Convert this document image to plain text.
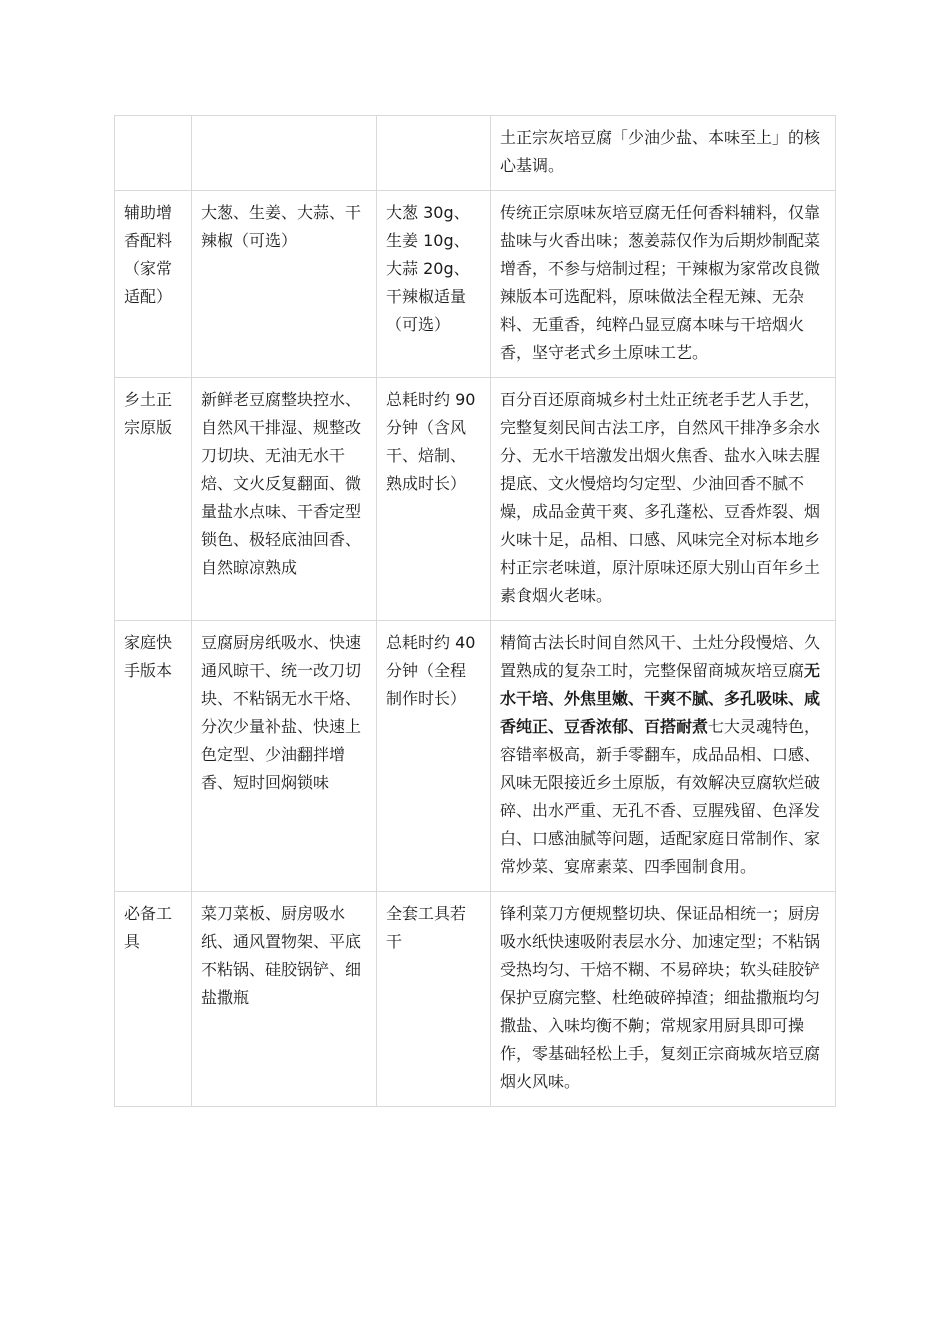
			土正宗灰培豆腐「少油少盐、本味至上」的核心基调。
辅助增香配料（家常适配）	大葱、生姜、大蒜、干辣椒（可选）	大葱 30g、生姜 10g、大蒜 20g、干辣椒适量（可选）	传统正宗原味灰培豆腐无任何香料辅料，仅靠盐味与火香出味；葱姜蒜仅作为后期炒制配菜增香，不参与焙制过程；干辣椒为家常改良微辣版本可选配料，原味做法全程无辣、无杂料、无重香，纯粹凸显豆腐本味与干培烟火香，坚守老式乡土原味工艺。
乡土正宗原版	新鲜老豆腐整块控水、自然风干排湿、规整改刀切块、无油无水干焙、文火反复翻面、微量盐水点味、干香定型锁色、极轻底油回香、自然晾凉熟成	总耗时约 90 分钟（含风干、焙制、熟成时长）	百分百还原商城乡村土灶正统老手艺人手艺，完整复刻民间古法工序，自然风干排净多余水分、无水干培激发出烟火焦香、盐水入味去腥提底、文火慢焙均匀定型、少油回香不腻不燥，成品金黄干爽、多孔蓬松、豆香炸裂、烟火味十足，品相、口感、风味完全对标本地乡村正宗老味道，原汁原味还原大别山百年乡土素食烟火老味。
家庭快手版本	豆腐厨房纸吸水、快速通风晾干、统一改刀切块、不粘锅无水干烙、分次少量补盐、快速上色定型、少油翻拌增香、短时回焖锁味	总耗时约 40 分钟（全程制作时长）	精简古法长时间自然风干、土灶分段慢焙、久置熟成的复杂工时，完整保留商城灰培豆腐无水干培、外焦里嫩、干爽不腻、多孔吸味、咸香纯正、豆香浓郁、百搭耐煮七大灵魂特色，容错率极高，新手零翻车，成品品相、口感、风味无限接近乡土原版，有效解决豆腐软烂破碎、出水严重、无孔不香、豆腥残留、色泽发白、口感油腻等问题，适配家庭日常制作、家常炒菜、宴席素菜、四季囤制食用。
必备工具	菜刀菜板、厨房吸水纸、通风置物架、平底不粘锅、硅胶锅铲、细盐撒瓶	全套工具若干	锋利菜刀方便规整切块、保证品相统一；厨房吸水纸快速吸附表层水分、加速定型；不粘锅受热均匀、干焙不糊、不易碎块；软头硅胶铲保护豆腐完整、杜绝破碎掉渣；细盐撒瓶均匀撒盐、入味均衡不齁；常规家用厨具即可操作，零基础轻松上手，复刻正宗商城灰培豆腐烟火风味。
